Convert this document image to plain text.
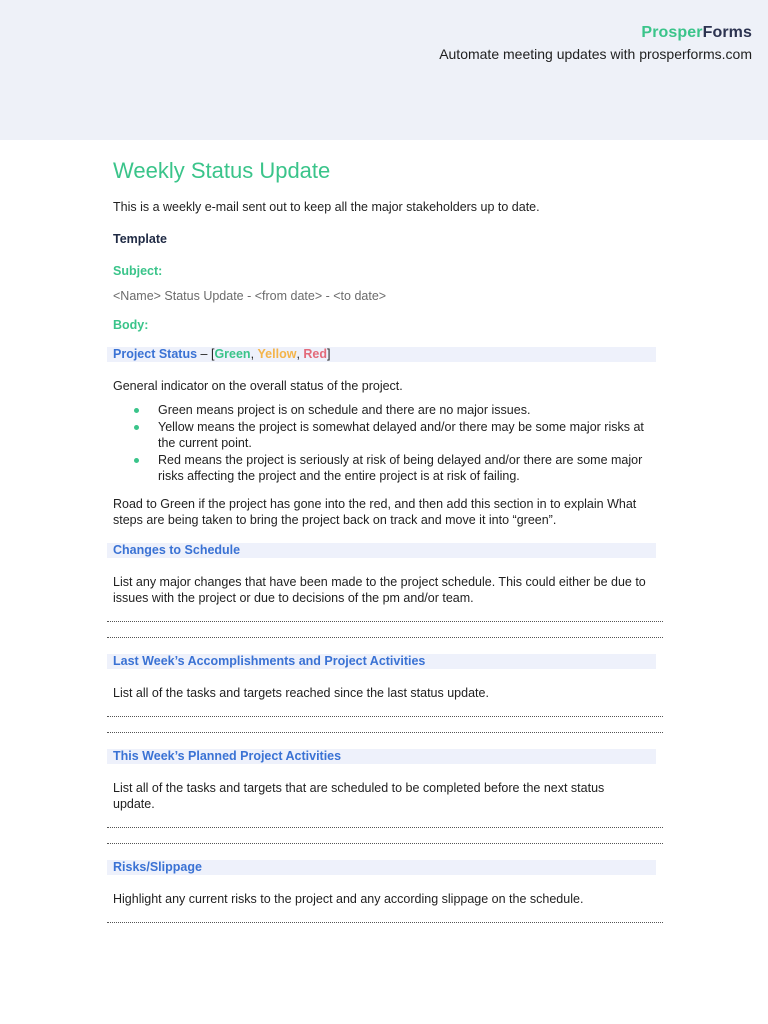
ProsperForms
Automate meeting updates with prosperforms.com
Weekly Status Update
This is a weekly e-mail sent out to keep all the major stakeholders up to date.
Template
Subject:
<Name> Status Update - <from date> - <to date>
Body:
Project Status – [Green, Yellow, Red]
General indicator on the overall status of the project.
Green means project is on schedule and there are no major issues.
Yellow means the project is somewhat delayed and/or there may be some major risks at the current point.
Red means the project is seriously at risk of being delayed and/or there are some major risks affecting the project and the entire project is at risk of failing.
Road to Green if the project has gone into the red, and then add this section in to explain What steps are being taken to bring the project back on track and move it into “green”.
Changes to Schedule
List any major changes that have been made to the project schedule. This could either be due to issues with the project or due to decisions of the pm and/or team.
Last Week’s Accomplishments and Project Activities
List all of the tasks and targets reached since the last status update.
This Week’s Planned Project Activities
List all of the tasks and targets that are scheduled to be completed before the next status update.
Risks/Slippage
Highlight any current risks to the project and any according slippage on the schedule.
